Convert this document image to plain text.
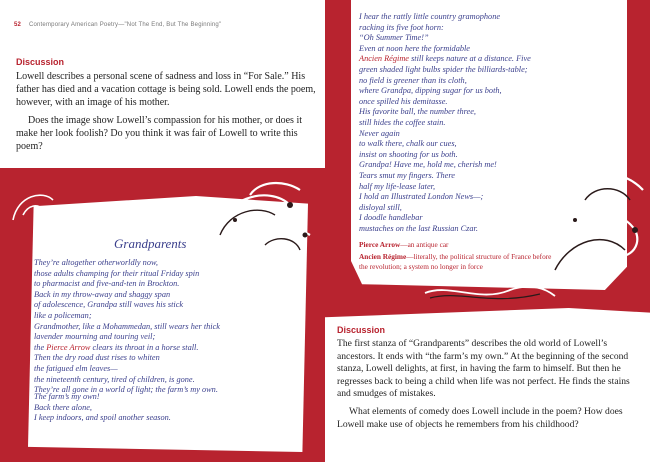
52 Contemporary American Poetry—"Not The End, But The Beginning"
Discussion

Lowell describes a personal scene of sadness and loss in “For Sale.” His father has died and a vacation cottage is being sold. Lowell ends the poem, however, with an image of his mother.

Does the image show Lowell’s compassion for his mother, or does it make her look foolish? Do you think it was fair of Lowell to write this poem?

Grandparents
They’re altogether otherworldly now,
those adults champing for their ritual Friday spin
to pharmacist and five-and-ten in Brockton.
Back in my throw-away and shaggy span
of adolescence, Grandpa still waves his stick
like a policeman;
Grandmother, like a Mohammedan, still wears her thick
lavender mourning and touring veil;
the Pierce Arrow clears its throat in a horse stall.
Then the dry road dust rises to whiten
the fatigued elm leaves—
the nineteenth century, tired of children, is gone.
They’re all gone in a world of light; the farm’s my own.
The farm’s my own!
Back there alone,
I keep indoors, and spoil another season.
I hear the rattly little country gramophone
racking its five foot horn:
“Oh Summer Time!”
Even at noon here the formidable
Ancien Régime still keeps nature at a distance. Five
green shaded light bulbs spider the billiards-table;
no field is greener than its cloth,
where Grandpa, dipping sugar for us both,
once spilled his demitasse.
His favorite ball, the number three,
still hides the coffee stain.
Never again
to walk there, chalk our cues,
insist on shooting for us both.
Grandpa! Have me, hold me, cherish me!
Tears smut my fingers. There
half my life-lease later,
I hold an Illustrated London News—;
disloyal still,
I doodle handlebar
mustaches on the last Russian Czar.
Pierce Arrow—an antique car
Ancien Régime—literally, the political structure of France before the revolution; a system no longer in force
Discussion

The first stanza of “Grandparents” describes the old world of Lowell’s ancestors. It ends with “the farm’s my own.” At the beginning of the second stanza, Lowell delights, at first, in having the farm to himself. But then he regresses back to being a child when life was not perfect. He finds the stains and smudges of mistakes.

What elements of comedy does Lowell include in the poem? How does Lowell make use of objects he remembers from his childhood?
